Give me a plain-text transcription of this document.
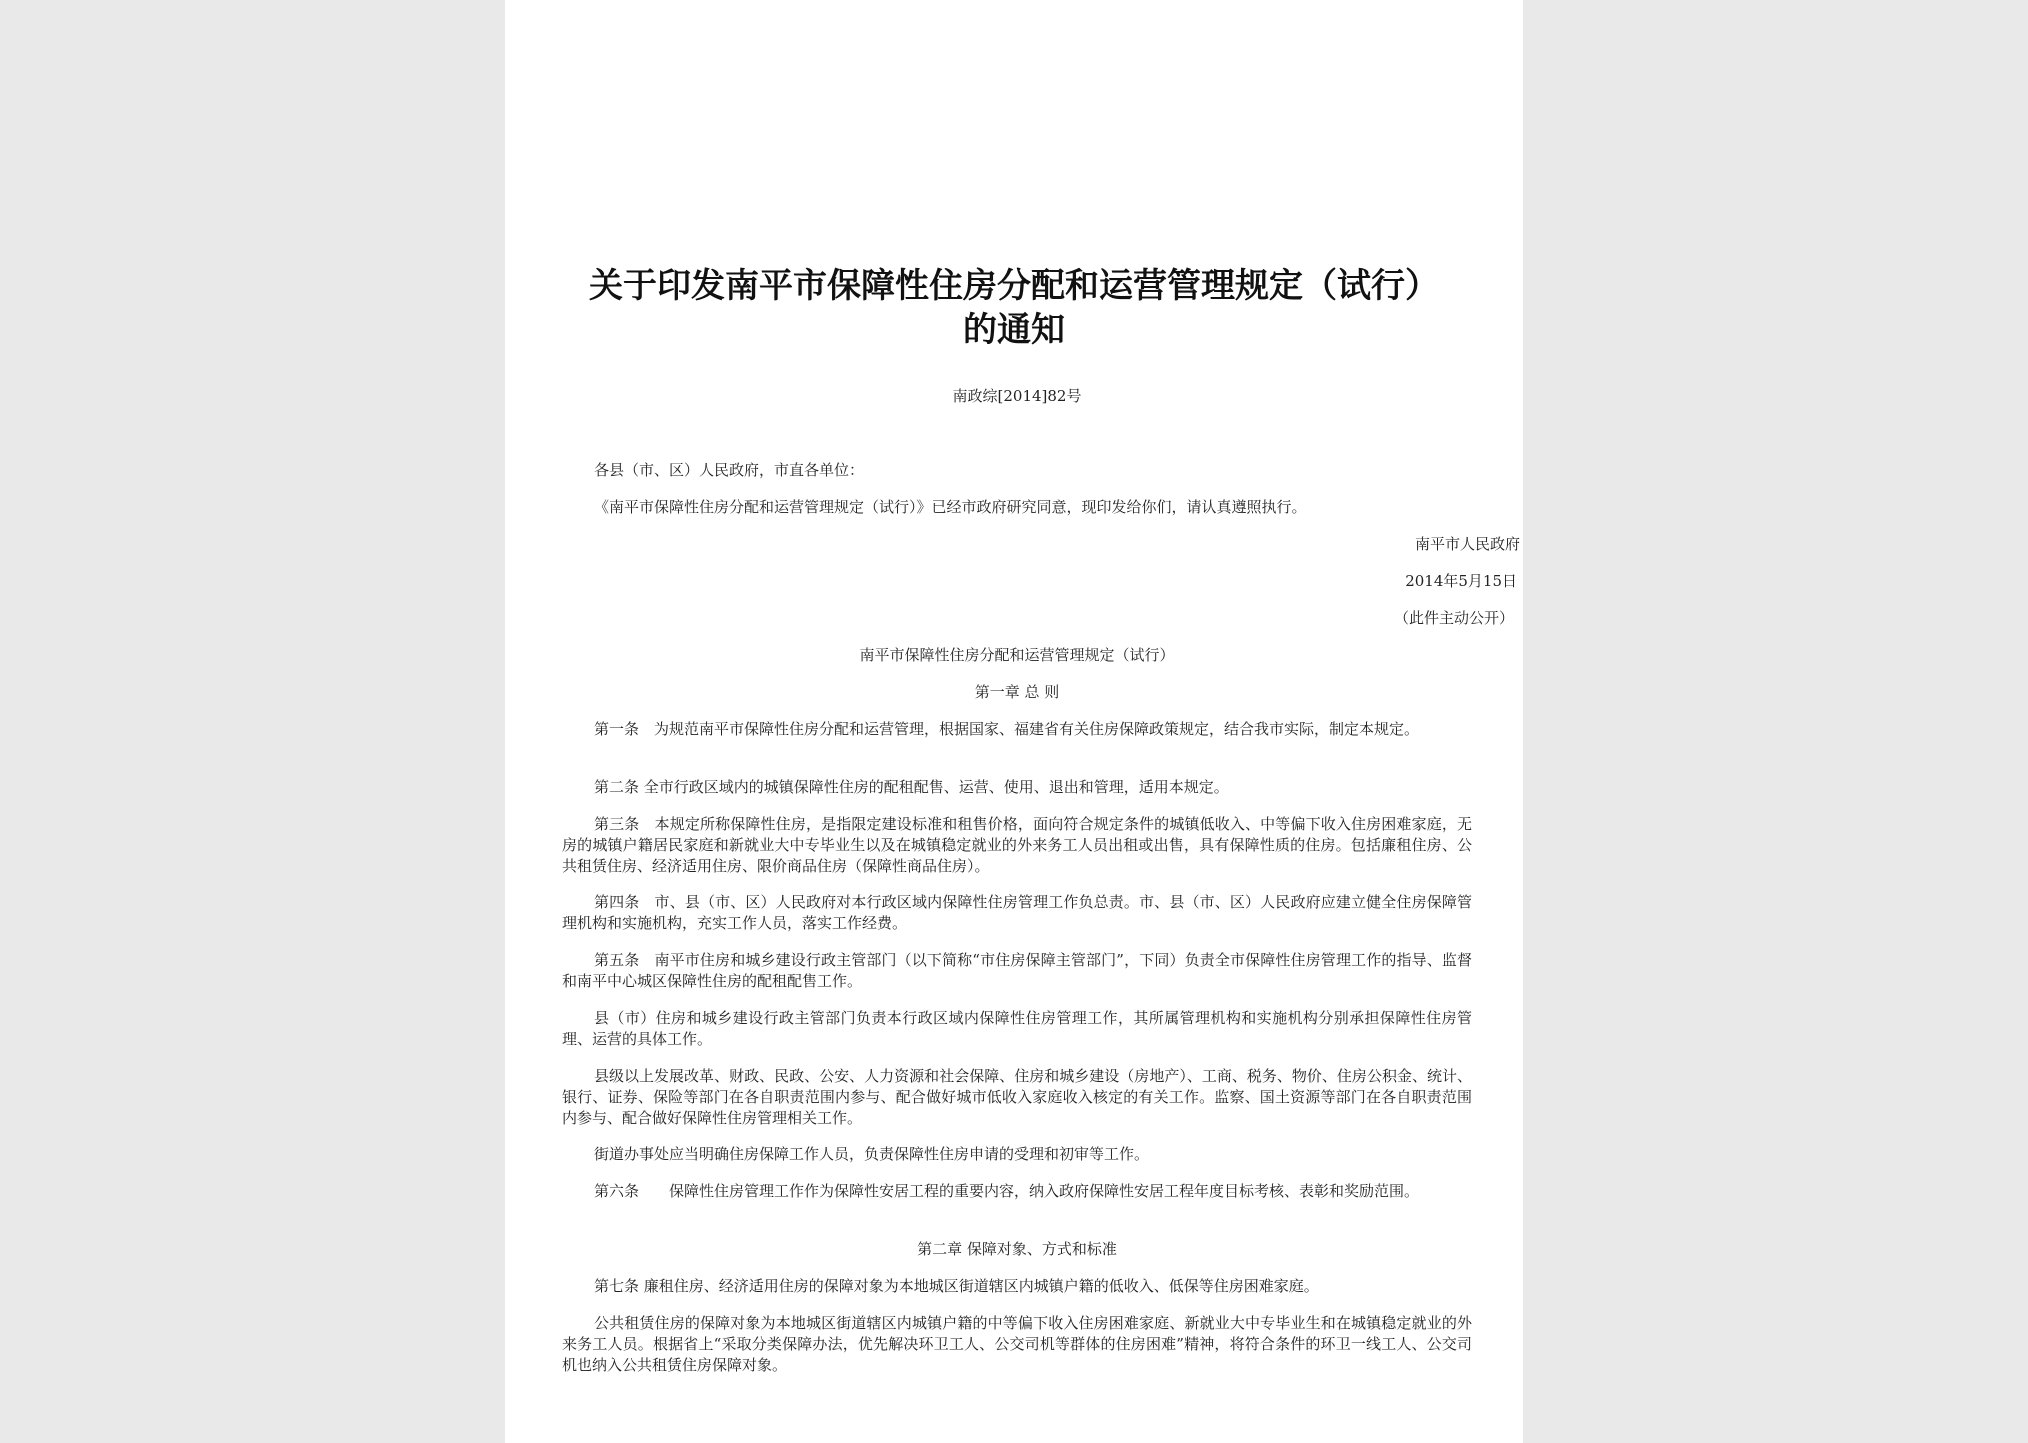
关于印发南平市保障性住房分配和运营管理规定（试行）的通知

南政综[2014]82号

各县（市、区）人民政府，市直各单位：

《南平市保障性住房分配和运营管理规定（试行）》已经市政府研究同意，现印发给你们，请认真遵照执行。

南平市人民政府

2014年5月15日

（此件主动公开）

南平市保障性住房分配和运营管理规定（试行）

第一章 总 则

第一条　为规范南平市保障性住房分配和运营管理，根据国家、福建省有关住房保障政策规定，结合我市实际，制定本规定。

第二条 全市行政区域内的城镇保障性住房的配租配售、运营、使用、退出和管理，适用本规定。

第三条　本规定所称保障性住房，是指限定建设标准和租售价格，面向符合规定条件的城镇低收入、中等偏下收入住房困难家庭，无房的城镇户籍居民家庭和新就业大中专毕业生以及在城镇稳定就业的外来务工人员出租或出售，具有保障性质的住房。包括廉租住房、公共租赁住房、经济适用住房、限价商品住房（保障性商品住房）。

第四条　市、县（市、区）人民政府对本行政区域内保障性住房管理工作负总责。市、县（市、区）人民政府应建立健全住房保障管理机构和实施机构，充实工作人员，落实工作经费。

第五条　南平市住房和城乡建设行政主管部门（以下简称“市住房保障主管部门”，下同）负责全市保障性住房管理工作的指导、监督和南平中心城区保障性住房的配租配售工作。

县（市）住房和城乡建设行政主管部门负责本行政区域内保障性住房管理工作，其所属管理机构和实施机构分别承担保障性住房管理、运营的具体工作。

县级以上发展改革、财政、民政、公安、人力资源和社会保障、住房和城乡建设（房地产）、工商、税务、物价、住房公积金、统计、银行、证券、保险等部门在各自职责范围内参与、配合做好城市低收入家庭收入核定的有关工作。监察、国土资源等部门在各自职责范围内参与、配合做好保障性住房管理相关工作。

街道办事处应当明确住房保障工作人员，负责保障性住房申请的受理和初审等工作。

第六条　　保障性住房管理工作作为保障性安居工程的重要内容，纳入政府保障性安居工程年度目标考核、表彰和奖励范围。

第二章 保障对象、方式和标准

第七条 廉租住房、经济适用住房的保障对象为本地城区街道辖区内城镇户籍的低收入、低保等住房困难家庭。

公共租赁住房的保障对象为本地城区街道辖区内城镇户籍的中等偏下收入住房困难家庭、新就业大中专毕业生和在城镇稳定就业的外来务工人员。根据省上“采取分类保障办法，优先解决环卫工人、公交司机等群体的住房困难”精神，将符合条件的环卫一线工人、公交司机也纳入公共租赁住房保障对象。
